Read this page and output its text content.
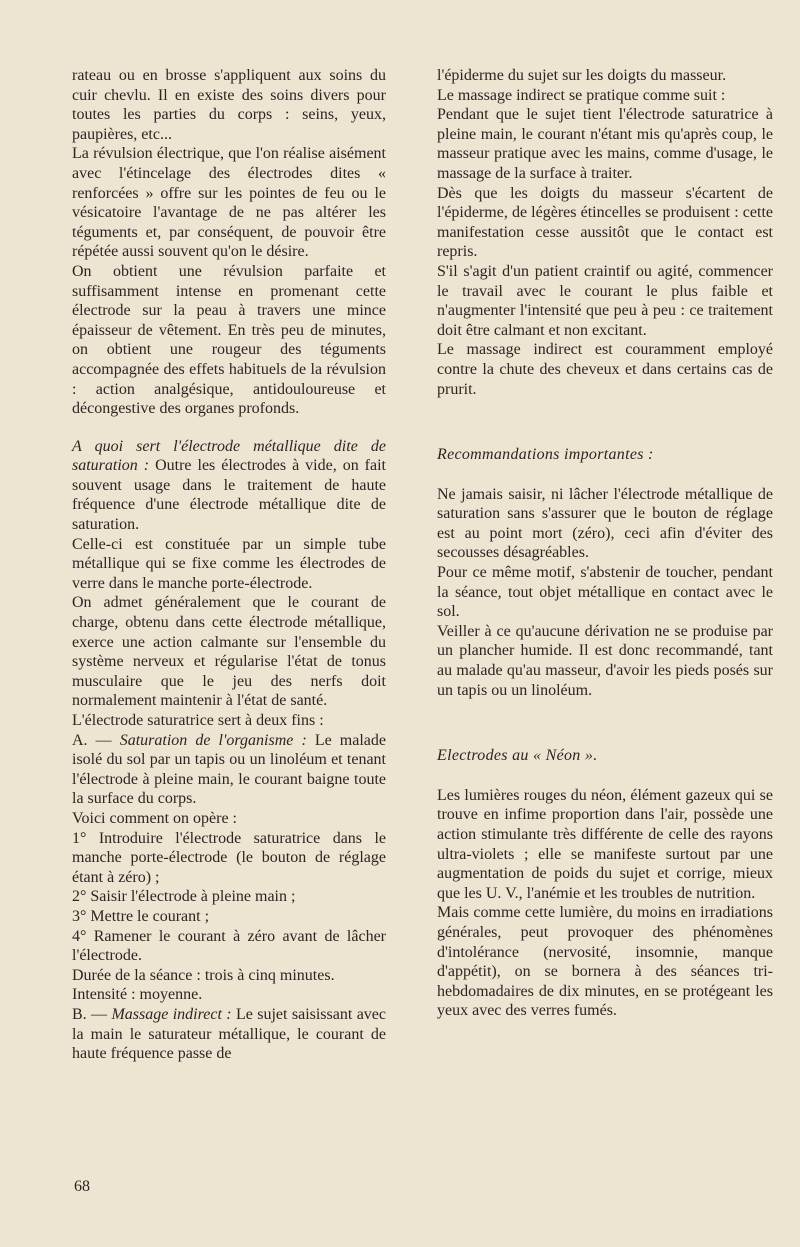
rateau ou en brosse s'appliquent aux soins du cuir chevlu. Il en existe des soins divers pour toutes les parties du corps : seins, yeux, paupières, etc...

La révulsion électrique, que l'on réalise aisément avec l'étincelage des électrodes dites « renforcées » offre sur les pointes de feu ou le vésicatoire l'avantage de ne pas altérer les téguments et, par conséquent, de pouvoir être répétée aussi souvent qu'on le désire.

On obtient une révulsion parfaite et suffisamment intense en promenant cette électrode sur la peau à travers une mince épaisseur de vêtement. En très peu de minutes, on obtient une rougeur des téguments accompagnée des effets habituels de la révulsion : action analgésique, antidouloureuse et décongestive des organes profonds.

A quoi sert l'électrode métallique dite de saturation : Outre les électrodes à vide, on fait souvent usage dans le traitement de haute fréquence d'une électrode métallique dite de saturation.

Celle-ci est constituée par un simple tube métallique qui se fixe comme les électrodes de verre dans le manche porte-électrode.

On admet généralement que le courant de charge, obtenu dans cette électrode métallique, exerce une action calmante sur l'ensemble du système nerveux et régularise l'état de tonus musculaire que le jeu des nerfs doit normalement maintenir à l'état de santé.

L'électrode saturatrice sert à deux fins :

A. — Saturation de l'organisme : Le malade isolé du sol par un tapis ou un linoléum et tenant l'électrode à pleine main, le courant baigne toute la surface du corps.

Voici comment on opère :

1° Introduire l'électrode saturatrice dans le manche porte-électrode (le bouton de réglage étant à zéro) ;

2° Saisir l'électrode à pleine main ;

3° Mettre le courant ;

4° Ramener le courant à zéro avant de lâcher l'électrode.

Durée de la séance : trois à cinq minutes.

Intensité : moyenne.

B. — Massage indirect : Le sujet saisissant avec la main le saturateur métallique, le courant de haute fréquence passe de

l'épiderme du sujet sur les doigts du masseur.

Le massage indirect se pratique comme suit :

Pendant que le sujet tient l'électrode saturatrice à pleine main, le courant n'étant mis qu'après coup, le masseur pratique avec les mains, comme d'usage, le massage de la surface à traiter.

Dès que les doigts du masseur s'écartent de l'épiderme, de légères étincelles se produisent : cette manifestation cesse aussitôt que le contact est repris.

S'il s'agit d'un patient craintif ou agité, commencer le travail avec le courant le plus faible et n'augmenter l'intensité que peu à peu : ce traitement doit être calmant et non excitant.

Le massage indirect est couramment employé contre la chute des cheveux et dans certains cas de prurit.

Recommandations importantes :

Ne jamais saisir, ni lâcher l'électrode métallique de saturation sans s'assurer que le bouton de réglage est au point mort (zéro), ceci afin d'éviter des secousses désagréables.

Pour ce même motif, s'abstenir de toucher, pendant la séance, tout objet métallique en contact avec le sol.

Veiller à ce qu'aucune dérivation ne se produise par un plancher humide. Il est donc recommandé, tant au malade qu'au masseur, d'avoir les pieds posés sur un tapis ou un linoléum.

Electrodes au « Néon ».

Les lumières rouges du néon, élément gazeux qui se trouve en infime proportion dans l'air, possède une action stimulante très différente de celle des rayons ultra-violets ; elle se manifeste surtout par une augmentation de poids du sujet et corrige, mieux que les U. V., l'anémie et les troubles de nutrition.

Mais comme cette lumière, du moins en irradiations générales, peut provoquer des phénomènes d'intolérance (nervosité, insomnie, manque d'appétit), on se bornera à des séances tri-hebdomadaires de dix minutes, en se protégeant les yeux avec des verres fumés.

68
